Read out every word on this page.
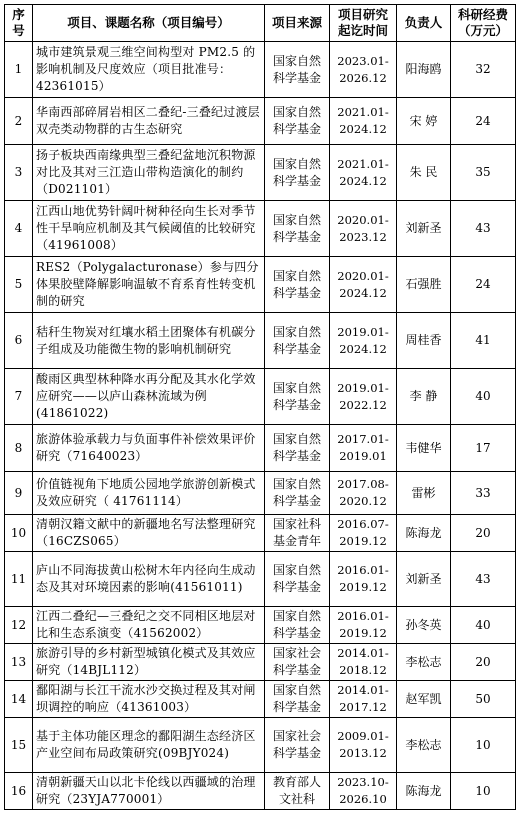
序号	项目、课题名称（项目编号）	项目来源	项目研究起讫时间	负责人	科研经费（万元）
1	城市建筑景观三维空间构型对 PM2.5 的影响机制及尺度效应（项目批准号：42361015）	国家自然科学基金	2023.01-2026.12	阳海鸥	32
2	华南西部碎屑岩相区二叠纪-三叠纪过渡层双壳类动物群的古生态研究	国家自然科学基金	2021.01-2024.12	宋 婷	24
3	扬子板块西南缘典型三叠纪盆地沉积物源对比及其对三江造山带构造演化的制约（D021101）	国家自然科学基金	2021.01-2024.12	朱 民	35
4	江西山地优势针阔叶树种径向生长对季节性干旱响应机制及其气候阈值的比较研究（41961008）	国家自然科学基金	2020.01-2023.12	刘新圣	43
5	RES2（Polygalacturonase）参与四分体果胶壁降解影响温敏不育系育性转变机制的研究	国家自然科学基金	2020.01-2024.12	石强胜	24
6	秸秆生物炭对红壤水稻土团聚体有机碳分子组成及功能微生物的影响机制研究	国家自然科学基金	2019.01-2024.12	周桂香	41
7	酸雨区典型林种降水再分配及其水化学效应研究——以庐山森林流域为例(41861022)	国家自然科学基金	2019.01-2022.12	李 静	40
8	旅游体验承载力与负面事件补偿效果评价研究（71640023）	国家自然科学基金	2017.01-2019.01	韦健华	17
9	价值链视角下地质公园地学旅游创新模式及效应研究（ 41761114）	国家自然科学基金	2017.08-2020.12	雷彬	33
10	清朝汉籍文献中的新疆地名写法整理研究（16CZS065）	国家社科基金青年	2016.07-2019.12	陈海龙	20
11	庐山不同海拔黄山松树木年内径向生成动态及其对环境因素的影响(41561011)	国家自然科学基金	2016.01-2019.12	刘新圣	43
12	江西二叠纪—三叠纪之交不同相区地层对比和生态系演变（41562002）	国家自然科学基金	2016.01-2019.12	孙冬英	40
13	旅游引导的乡村新型城镇化模式及其效应研究（14BJL112）	国家社会科学基金	2014.01-2018.12	李松志	20
14	鄱阳湖与长江干流水沙交换过程及其对闸坝调控的响应（41361003）	国家自然科学基金	2014.01-2017.12	赵军凯	50
15	基于主体功能区理念的鄱阳湖生态经济区产业空间布局政策研究(09BJY024)	国家社会科学基金	2009.01-2013.12	李松志	10
16	清朝新疆天山以北卡伦线以西疆域的治理研究（23YJA770001）	教育部人文社科	2023.10-2026.10	陈海龙	10
